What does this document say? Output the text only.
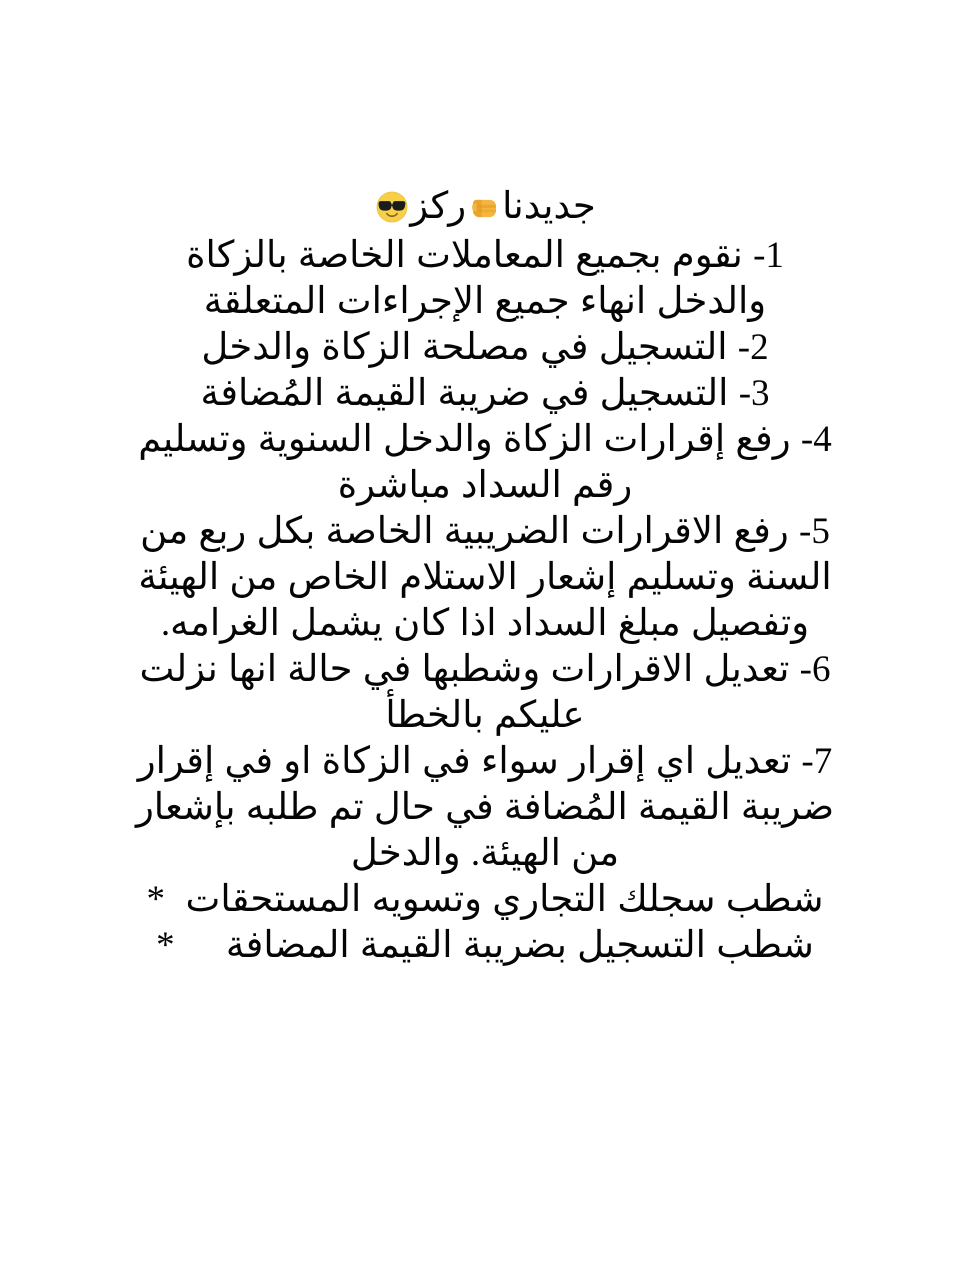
جديدنا
ركز

1- نقوم بجميع المعاملات الخاصة بالزكاة والدخل انهاء جميع الإجراءات المتعلقة

2- التسجيل في مصلحة الزكاة والدخل

3- التسجيل في ضريبة القيمة المُضافة

4- رفع إقرارات الزكاة والدخل السنوية وتسليم رقم السداد مباشرة

5- رفع الاقرارات الضريبية الخاصة بكل ربع من السنة وتسليم إشعار الاستلام الخاص من الهيئة وتفصيل مبلغ السداد اذا كان يشمل الغرامه.

6- تعديل الاقرارات وشطبها في حالة انها نزلت عليكم بالخطأ

7- تعديل اي إقرار سواء في الزكاة او في إقرار ضريبة القيمة المُضافة في حال تم طلبه بإشعار من الهيئة. والدخل

شطب سجلك التجاري وتسويه المستحقات  *

شطب التسجيل بضريبة القيمة المضافة     *
